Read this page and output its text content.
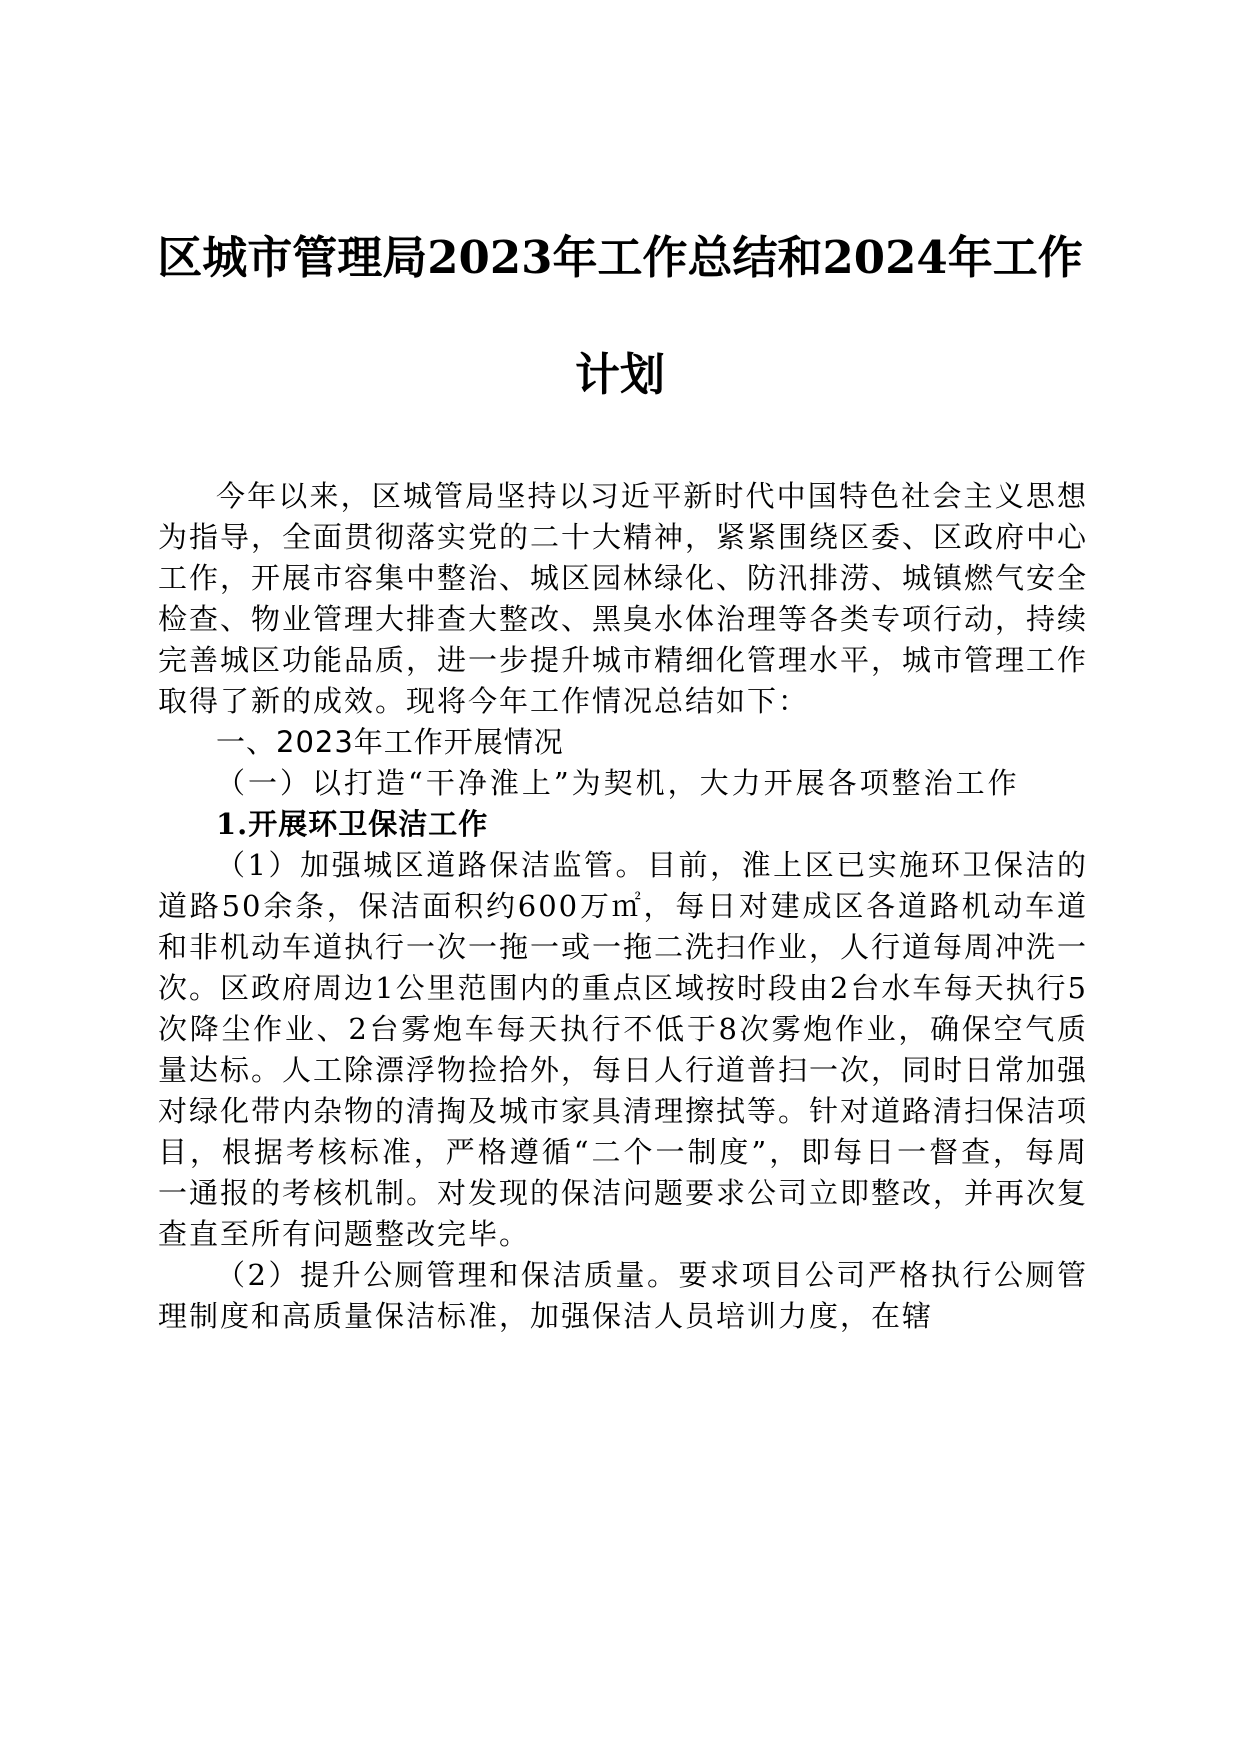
区城市管理局2023年工作总结和2024年工作
计划

今年以来，区城管局坚持以习近平新时代中国特色社会主义思想为指导，全面贯彻落实党的二十大精神，紧紧围绕区委、区政府中心工作，开展市容集中整治、城区园林绿化、防汛排涝、城镇燃气安全检查、物业管理大排查大整改、黑臭水体治理等各类专项行动，持续完善城区功能品质，进一步提升城市精细化管理水平，城市管理工作取得了新的成效。现将今年工作情况总结如下：

一、2023年工作开展情况

（一）以打造“干净淮上”为契机，大力开展各项整治工作

1.开展环卫保洁工作

（1）加强城区道路保洁监管。目前，淮上区已实施环卫保洁的道路50余条，保洁面积约600万㎡，每日对建成区各道路机动车道和非机动车道执行一次一拖一或一拖二洗扫作业，人行道每周冲洗一次。区政府周边1公里范围内的重点区域按时段由2台水车每天执行5次降尘作业、2台雾炮车每天执行不低于8次雾炮作业，确保空气质量达标。人工除漂浮物捡拾外，每日人行道普扫一次，同时日常加强对绿化带内杂物的清掏及城市家具清理擦拭等。针对道路清扫保洁项目，根据考核标准，严格遵循“二个一制度”，即每日一督查，每周一通报的考核机制。对发现的保洁问题要求公司立即整改，并再次复查直至所有问题整改完毕。

（2）提升公厕管理和保洁质量。要求项目公司严格执行公厕管理制度和高质量保洁标准，加强保洁人员培训力度，在辖
